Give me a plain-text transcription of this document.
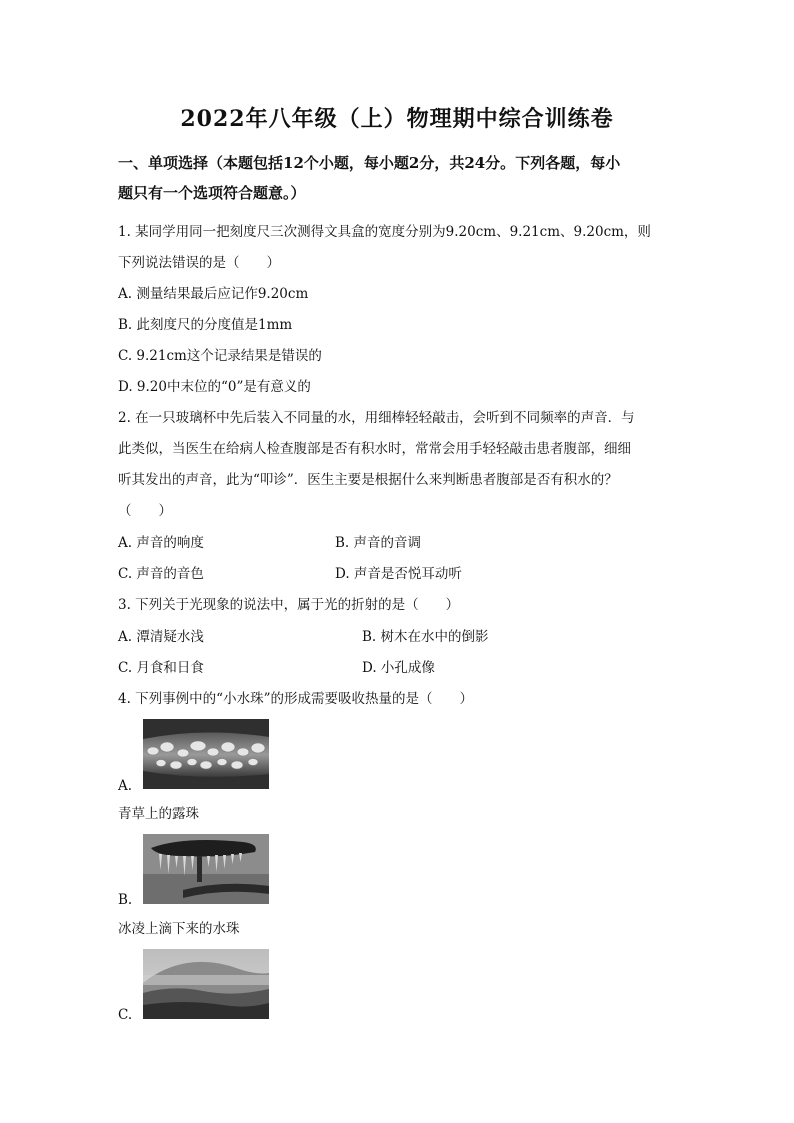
2022年八年级（上）物理期中综合训练卷
一、单项选择（本题包括12个小题，每小题2分，共24分。下列各题，每小
题只有一个选项符合题意。）
1. 某同学用同一把刻度尺三次测得文具盒的宽度分别为9.20cm、9.21cm、9.20cm，则
下列说法错误的是（　　）
A. 测量结果最后应记作9.20cm
B. 此刻度尺的分度值是1mm
C. 9.21cm这个记录结果是错误的
D. 9.20中末位的“0”是有意义的
2. 在一只玻璃杯中先后装入不同量的水，用细棒轻轻敲击，会听到不同频率的声音．与
此类似，当医生在给病人检查腹部是否有积水时，常常会用手轻轻敲击患者腹部，细细
听其发出的声音，此为“叩诊”．医生主要是根据什么来判断患者腹部是否有积水的？
（　　）
A. 声音的响度	B. 声音的音调
C. 声音的音色	D. 声音是否悦耳动听
3. 下列关于光现象的说法中，属于光的折射的是（　　）
A. 潭清疑水浅	B. 树木在水中的倒影
C. 月食和日食	D. 小孔成像
4. 下列事例中的“小水珠”的形成需要吸收热量的是（　　）
A.
青草上的露珠
B.
冰凌上滴下来的水珠
C.
